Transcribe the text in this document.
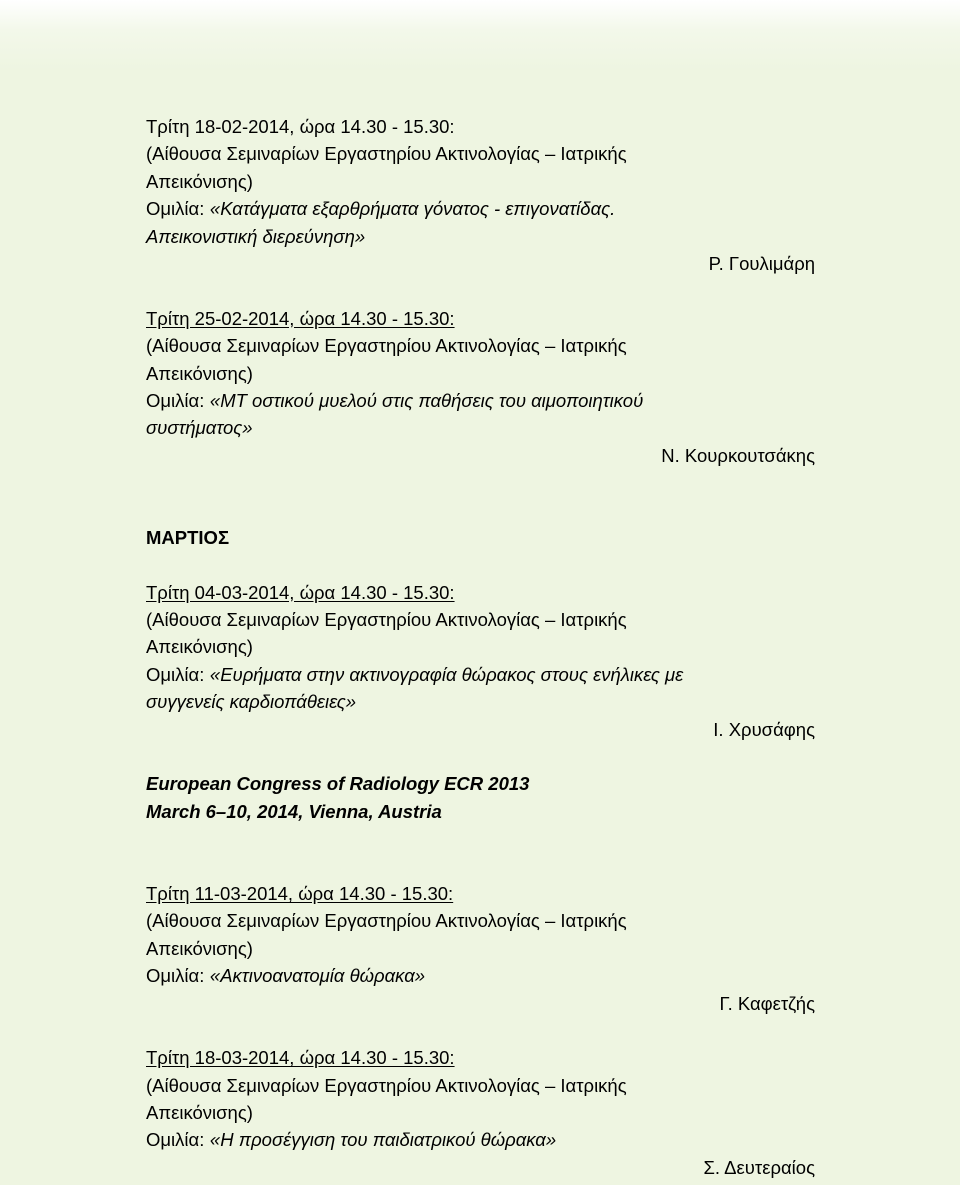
Τρίτη 18-02-2014, ώρα 14.30 - 15.30:
(Αίθουσα Σεμιναρίων Εργαστηρίου Ακτινολογίας – Ιατρικής
Απεικόνισης)
Ομιλία: «Κατάγματα εξαρθρήματα γόνατος - επιγονατίδας.
Απεικονιστική διερεύνηση»
Ρ. Γουλιμάρη
Τρίτη 25-02-2014, ώρα 14.30 - 15.30:
(Αίθουσα Σεμιναρίων Εργαστηρίου Ακτινολογίας – Ιατρικής
Απεικόνισης)
Ομιλία: «ΜΤ οστικού μυελού στις παθήσεις του αιμοποιητικού
συστήματος»
Ν. Κουρκουτσάκης
ΜΑΡΤΙΟΣ
Τρίτη 04-03-2014, ώρα 14.30 - 15.30:
(Αίθουσα Σεμιναρίων Εργαστηρίου Ακτινολογίας – Ιατρικής
Απεικόνισης)
Ομιλία: «Ευρήματα στην ακτινογραφία θώρακος στους ενήλικες με
συγγενείς καρδιοπάθειες»
Ι. Χρυσάφης
European Congress of Radiology ECR 2013
March 6–10, 2014, Vienna, Austria
Τρίτη 11-03-2014, ώρα 14.30 - 15.30:
(Αίθουσα Σεμιναρίων Εργαστηρίου Ακτινολογίας – Ιατρικής
Απεικόνισης)
Ομιλία: «Ακτινοανατομία θώρακα»
Γ. Καφετζής
Τρίτη 18-03-2014, ώρα 14.30 - 15.30:
(Αίθουσα Σεμιναρίων Εργαστηρίου Ακτινολογίας – Ιατρικής
Απεικόνισης)
Ομιλία: «Η προσέγγιση του παιδιατρικού θώρακα»
Σ. Δευτεραίος
